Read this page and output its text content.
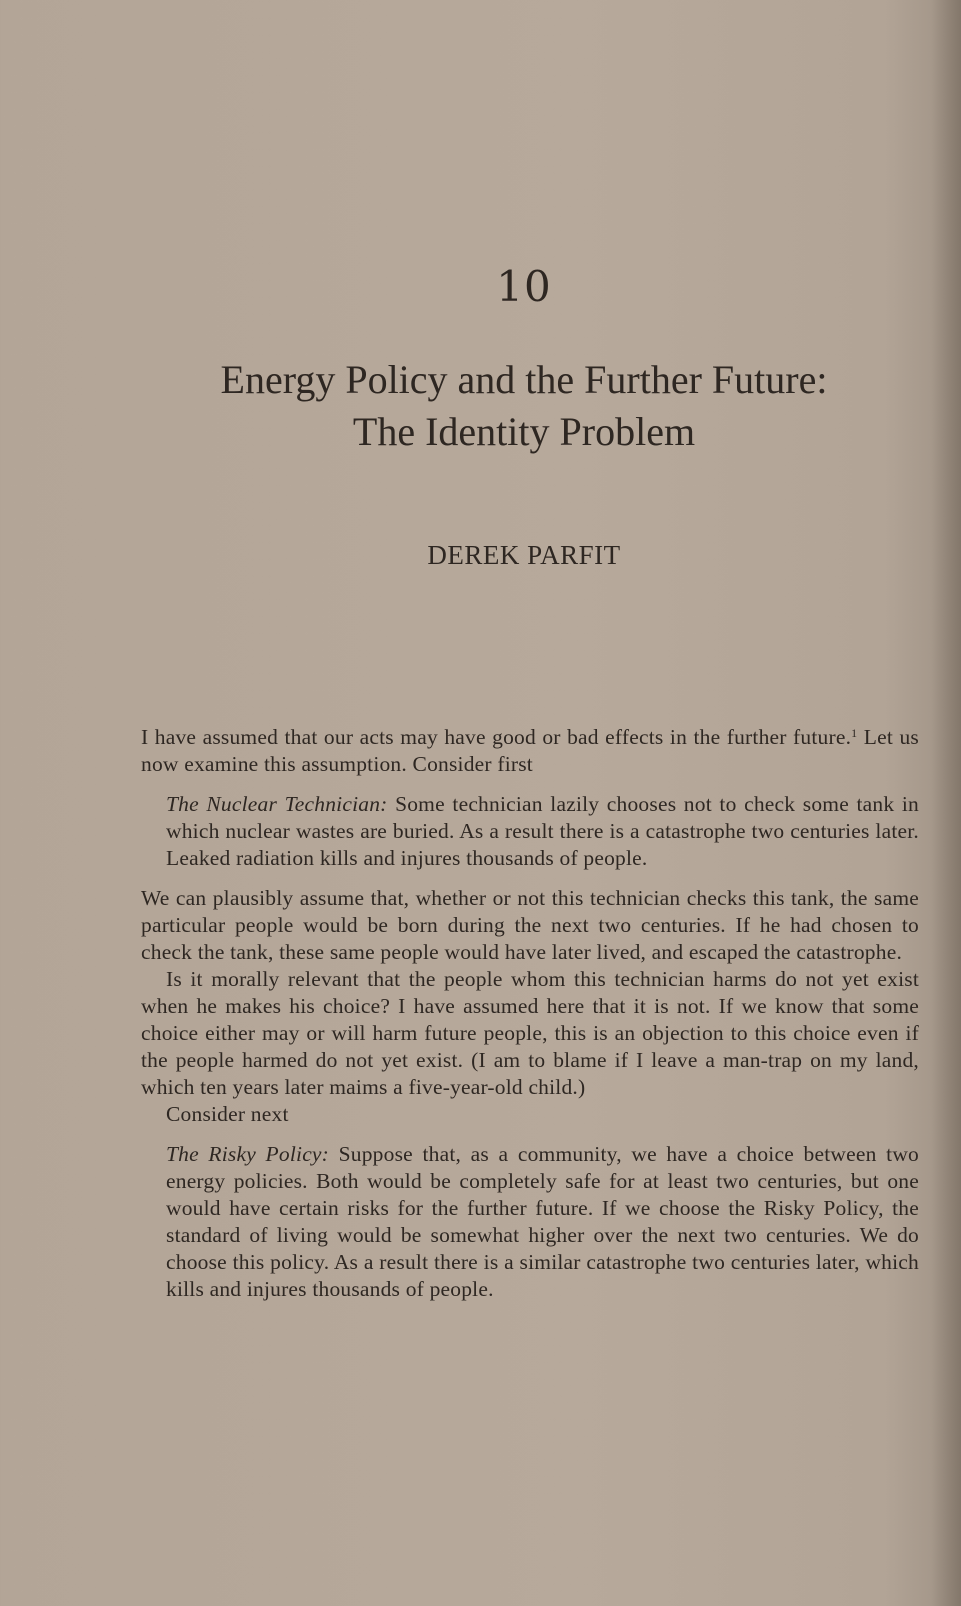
10
Energy Policy and the Further Future:
The Identity Problem
DEREK PARFIT

I have assumed that our acts may have good or bad effects in the further future.$^1$ Let us now examine this assumption. Consider first

The Nuclear Technician: Some technician lazily chooses not to check some tank in which nuclear wastes are buried. As a result there is a catastrophe two centuries later. Leaked radiation kills and injures thousands of people.

We can plausibly assume that, whether or not this technician checks this tank, the same particular people would be born during the next two centuries. If he had chosen to check the tank, these same people would have later lived, and escaped the catastrophe.

Is it morally relevant that the people whom this technician harms do not yet exist when he makes his choice? I have assumed here that it is not. If we know that some choice either may or will harm future people, this is an objection to this choice even if the people harmed do not yet exist. (I am to blame if I leave a man-trap on my land, which ten years later maims a five-year-old child.)

Consider next

The Risky Policy: Suppose that, as a community, we have a choice between two energy policies. Both would be completely safe for at least two centuries, but one would have certain risks for the further future. If we choose the Risky Policy, the standard of living would be somewhat higher over the next two centuries. We do choose this policy. As a result there is a similar catastrophe two centuries later, which kills and injures thousands of people.
